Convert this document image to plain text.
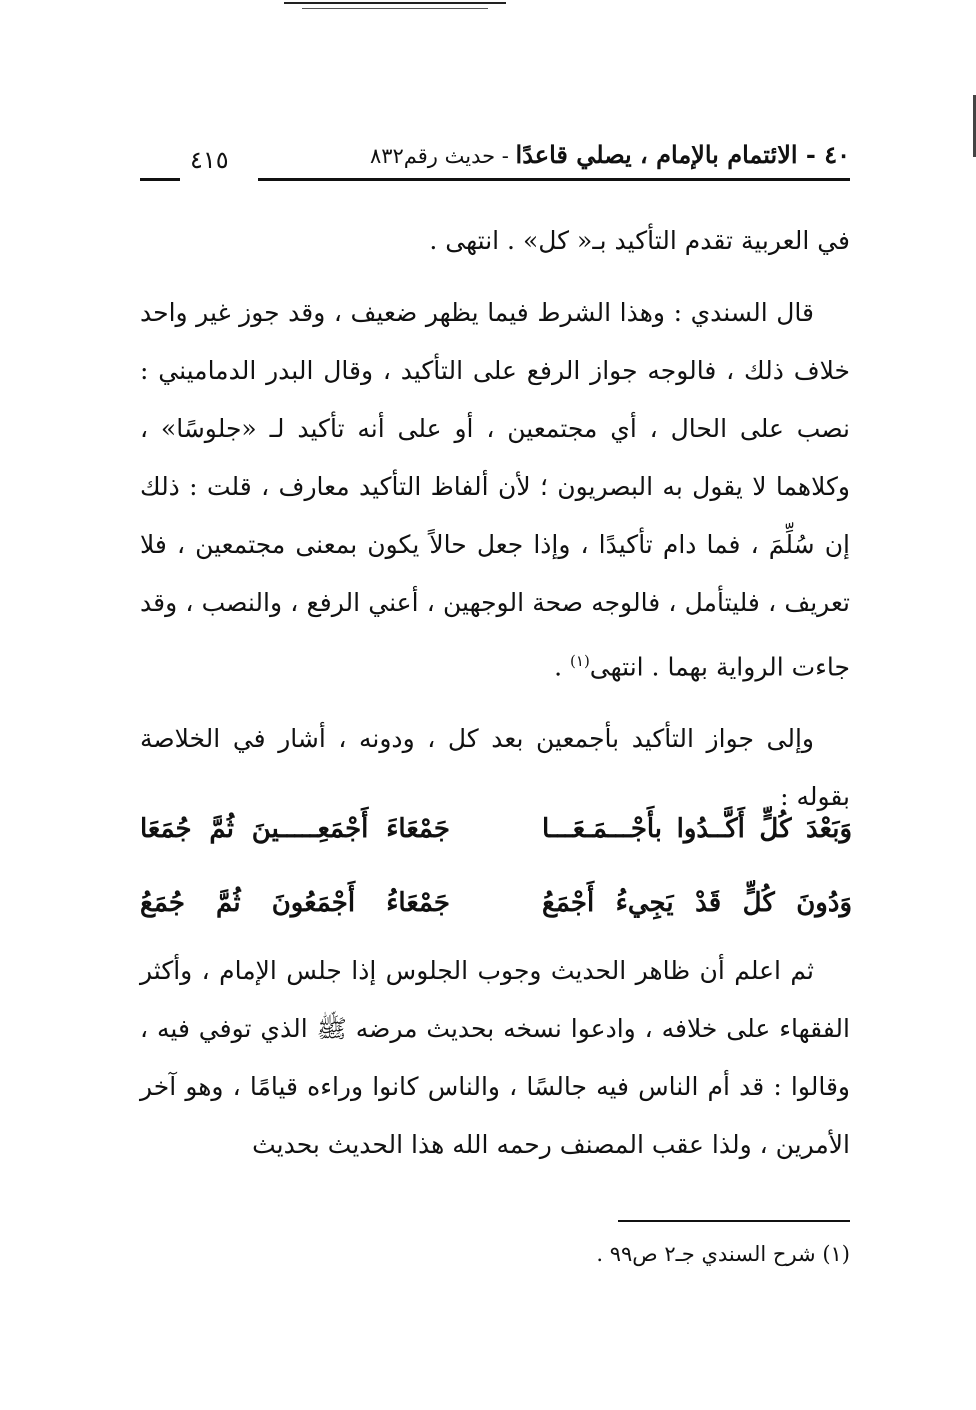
٤٠ - الائتمام بالإمام ، يصلي قاعدًا - حديث رقم٨٣٢
٤١٥

في العربية تقدم التأكيد بـ« كل» . انتهى .

قال السندي : وهذا الشرط فيما يظهر ضعيف ، وقد جوز غير واحد خلاف ذلك ، فالوجه جواز الرفع على التأكيد ، وقال البدر الدماميني : نصب على الحال ، أي مجتمعين ، أو على أنه تأكيد لـ «جلوسًا» ، وكلاهما لا يقول به البصريون ؛ لأن ألفاظ التأكيد معارف ، قلت : ذلك إن سُلِّمَ ، فما دام تأكيدًا ، وإذا جعل حالاً يكون بمعنى مجتمعين ، فلا تعريف ، فليتأمل ، فالوجه صحة الوجهين ، أعني الرفع ، والنصب ، وقد جاءت الرواية بهما . انتهى$^{(١)}$ .

وإلى جواز التأكيد بأجمعين بعد كل ، ودونه ، أشار في الخلاصة بقوله :

وَبَعْدَ كُلٍّ أَكَّــدُوا بأَجْـــمَـعَـــا
جَمْعَاءَ أَجْمَعِـــــينَ ثُمَّ جُمَعَا
وَدُونَ كُلٍّ قَدْ يَجِيءُ أَجْمَعُ
جَمْعَاءُ أَجْمَعُونَ ثُمَّ جُمَعُ

ثم اعلم أن ظاهر الحديث وجوب الجلوس إذا جلس الإمام ، وأكثر الفقهاء على خلافه ، وادعوا نسخه بحديث مرضه ﷺ الذي توفي فيه ، وقالوا : قد أم الناس فيه جالسًا ، والناس كانوا وراءه قيامًا ، وهو آخر الأمرين ، ولذا عقب المصنف رحمه الله هذا الحديث بحديث

(١) شرح السندي جـ٢ ص٩٩ .
